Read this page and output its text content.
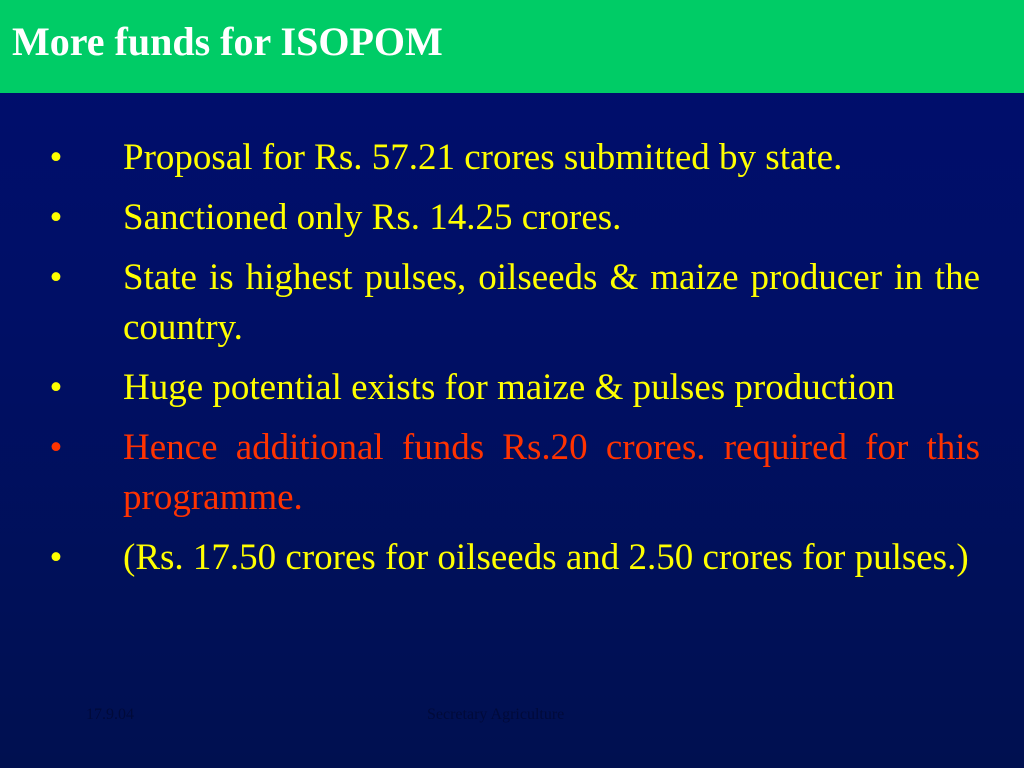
More funds for ISOPOM
17.9.04	Secretary Agriculture
• Proposal for Rs. 57.21 crores submitted by state.
• Sanctioned only Rs. 14.25 crores.
• State is highest pulses, oilseeds & maize producer in the country.
• Huge potential exists for maize & pulses production
• Hence additional funds Rs.20 crores. required for this programme.
• (Rs. 17.50 crores for oilseeds and 2.50 crores for pulses.)
